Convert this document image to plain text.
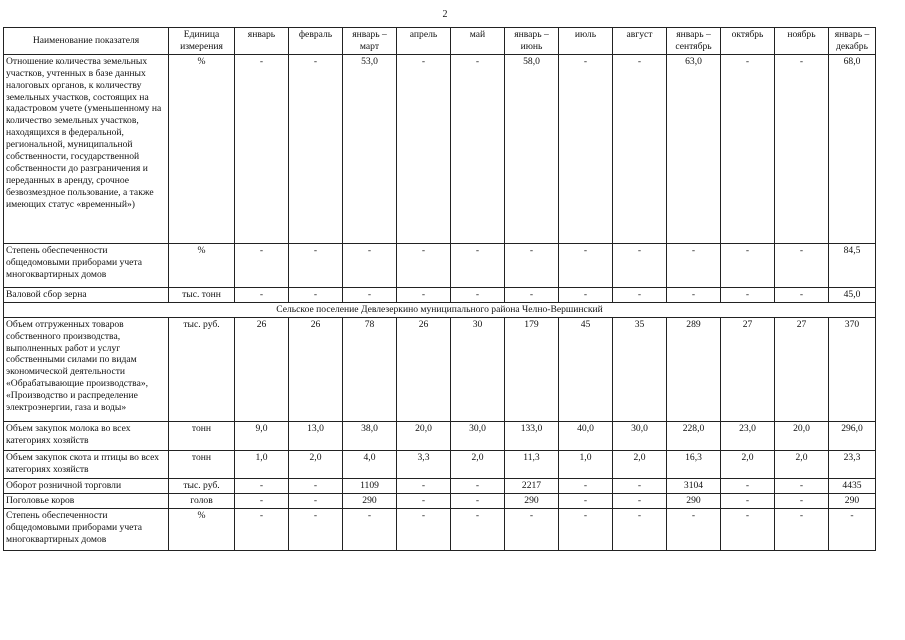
2
Наименование показателя	Единица измерения	январь	февраль	январь – март	апрель	май	январь – июнь	июль	август	январь – сентябрь	октябрь	ноябрь	январь – декабрь
Отношение количества земельных участков, учтенных в базе данных налоговых органов, к количеству земельных участков, состоящих на кадастровом учете (уменьшенному на количество земельных участков, находящихся в федеральной, региональной, муниципальной собственности, государственной собственности до разграничения и переданных в аренду, срочное безвозмездное пользование, а также имеющих статус «временный»)	%	-	-	53,0	-	-	58,0	-	-	63,0	-	-	68,0
Степень обеспеченности общедомовыми приборами учета многоквартирных домов	%	-	-	-	-	-	-	-	-	-	-	-	84,5
Валовой сбор зерна	тыс. тонн	-	-	-	-	-	-	-	-	-	-	-	45,0
Сельское поселение Девлезеркино муниципального района Челно-Вершинский													
Объем отгруженных товаров собственного производства, выполненных работ и услуг собственными силами по видам экономической деятельности «Обрабатывающие производства», «Производство и распределение электроэнергии, газа и воды»	тыс. руб.	26	26	78	26	30	179	45	35	289	27	27	370
Объем закупок молока во всех категориях хозяйств	тонн	9,0	13,0	38,0	20,0	30,0	133,0	40,0	30,0	228,0	23,0	20,0	296,0
Объем закупок скота и птицы во всех категориях хозяйств	тонн	1,0	2,0	4,0	3,3	2,0	11,3	1,0	2,0	16,3	2,0	2,0	23,3
Оборот розничной торговли	тыс. руб.	-	-	1109	-	-	2217	-	-	3104	-	-	4435
Поголовье коров	голов	-	-	290	-	-	290	-	-	290	-	-	290
Степень обеспеченности общедомовыми приборами учета многоквартирных домов	%	-	-	-	-	-	-	-	-	-	-	-	-
